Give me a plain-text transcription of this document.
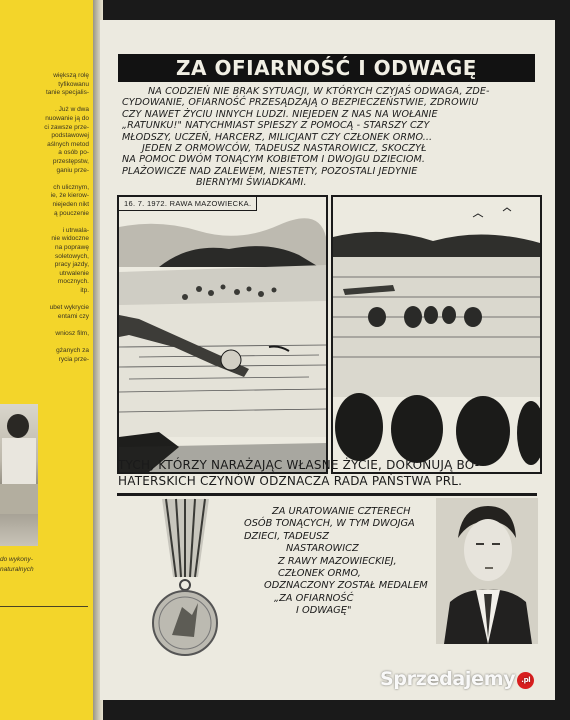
większą rolę
tyfikowanu
tanie specjalis-
. Już w dwa
nuowanie ją do
ci zawsze prze-
podstawowej
aślnych metod
a osób po-
przestępstw,
ganiu prze-
ch ulicznym,
ie, że kierow-
niejeden nikt
ą pouczenie
i utrwala-
nie widoczne
na poprawę
soletowych,
pracy jazdy,
utrwalenie
mocznych.
itp.
ubet wykrycie
entami czy
wniosz film,
gżanych za
rycia prze-
do wykony-
naturalnych
ZA OFIARNOŚĆ I ODWAGĘ
NA CODZIEŃ NIE BRAK SYTUACJI, W KTÓRYCH CZYJAŚ ODWAGA, ZDE-
CYDOWANIE, OFIARNOŚĆ PRZESĄDZAJĄ O BEZPIECZEŃSTWIE, ZDROWIU
CZY NAWET ŻYCIU INNYCH LUDZI. NIEJEDEN Z NAS NA WOŁANIE
„RATUNKU!" NATYCHMIAST SPIESZY Z POMOCĄ - STARSZY CZY
MŁODSZY, UCZEŃ, HARCERZ, MILICJANT CZY CZŁONEK ORMO...
JEDEN Z ORMOWCÓW, TADEUSZ NASTAROWICZ, SKOCZYŁ
NA POMOC DWÓM TONĄCYM KOBIETOM I DWOJGU DZIECIOM.
PLAŻOWICZE NAD ZALEWEM, NIESTETY, POZOSTALI JEDYNIE
BIERNYMI ŚWIADKAMI.
16. 7. 1972. RAWA MAZOWIECKA.
TYCH, KTÓRZY NARAŻAJĄC WŁASNE ŻYCIE, DOKONUJĄ BO-
HATERSKICH CZYNÓW ODZNACZA RADA PAŃSTWA PRL.
ZA URATOWANIE CZTERECH
OSÓB TONĄCYCH, W TYM DWOJGA
DZIECI, TADEUSZ
NASTAROWICZ
Z RAWY MAZOWIECKIEJ,
CZŁONEK ORMO,
ODZNACZONY ZOSTAŁ MEDALEM
„ZA OFIARNOŚĆ
I ODWAGĘ"
Sprzedajemy .pl
